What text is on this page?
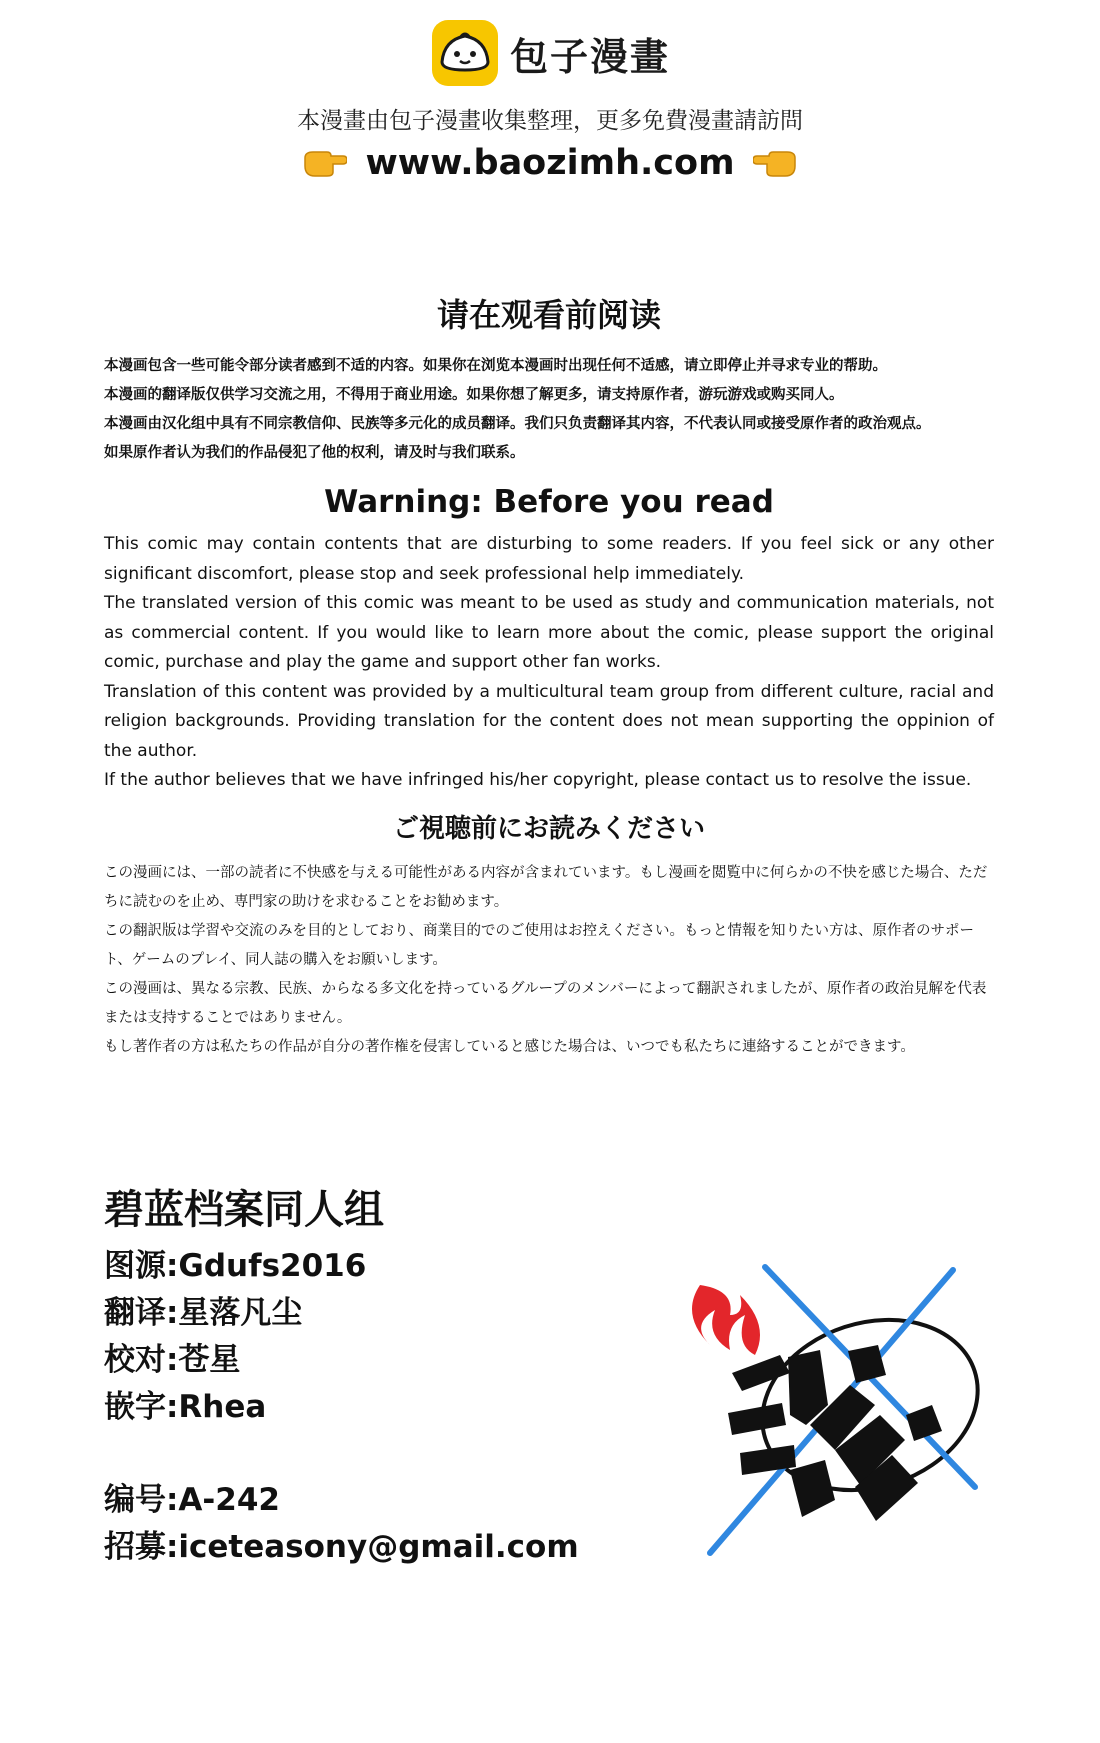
包子漫畫
本漫畫由包子漫畫收集整理，更多免費漫畫請訪問
www.baozimh.com
请在观看前阅读
本漫画包含一些可能令部分读者感到不适的内容。如果你在浏览本漫画时出现任何不适感，请立即停止并寻求专业的帮助。
本漫画的翻译版仅供学习交流之用，不得用于商业用途。如果你想了解更多，请支持原作者，游玩游戏或购买同人。
本漫画由汉化组中具有不同宗教信仰、民族等多元化的成员翻译。我们只负责翻译其内容，不代表认同或接受原作者的政治观点。
如果原作者认为我们的作品侵犯了他的权利，请及时与我们联系。
Warning: Before you read
This comic may contain contents that are disturbing to some readers. If you feel sick or any other significant discomfort, please stop and seek professional help immediately.
The translated version of this comic was meant to be used as study and communication materials, not as commercial content. If you would like to learn more about the comic, please support the original comic, purchase and play the game and support other fan works.
Translation of this content was provided by a multicultural team group from different culture, racial and religion backgrounds. Providing translation for the content does not mean supporting the oppinion of the author.
If the author believes that we have infringed his/her copyright, please contact us to resolve the issue.
ご視聴前にお読みください
この漫画には、一部の読者に不快感を与える可能性がある内容が含まれています。もし漫画を閲覧中に何らかの不快を感じた場合、ただちに読むのを止め、専門家の助けを求むることをお勧めます。
この翻訳版は学習や交流のみを目的としており、商業目的でのご使用はお控えください。もっと情報を知りたい方は、原作者のサポート、ゲームのプレイ、同人誌の購入をお願いします。
この漫画は、異なる宗教、民族、からなる多文化を持っているグループのメンバーによって翻訳されましたが、原作者の政治見解を代表または支持することではありません。
もし著作者の方は私たちの作品が自分の著作権を侵害していると感じた場合は、いつでも私たちに連絡することができます。
碧蓝档案同人组
图源:Gdufs2016
翻译:星落凡尘
校对:苍星
嵌字:Rhea
编号:A-242
招募:iceteasony@gmail.com
